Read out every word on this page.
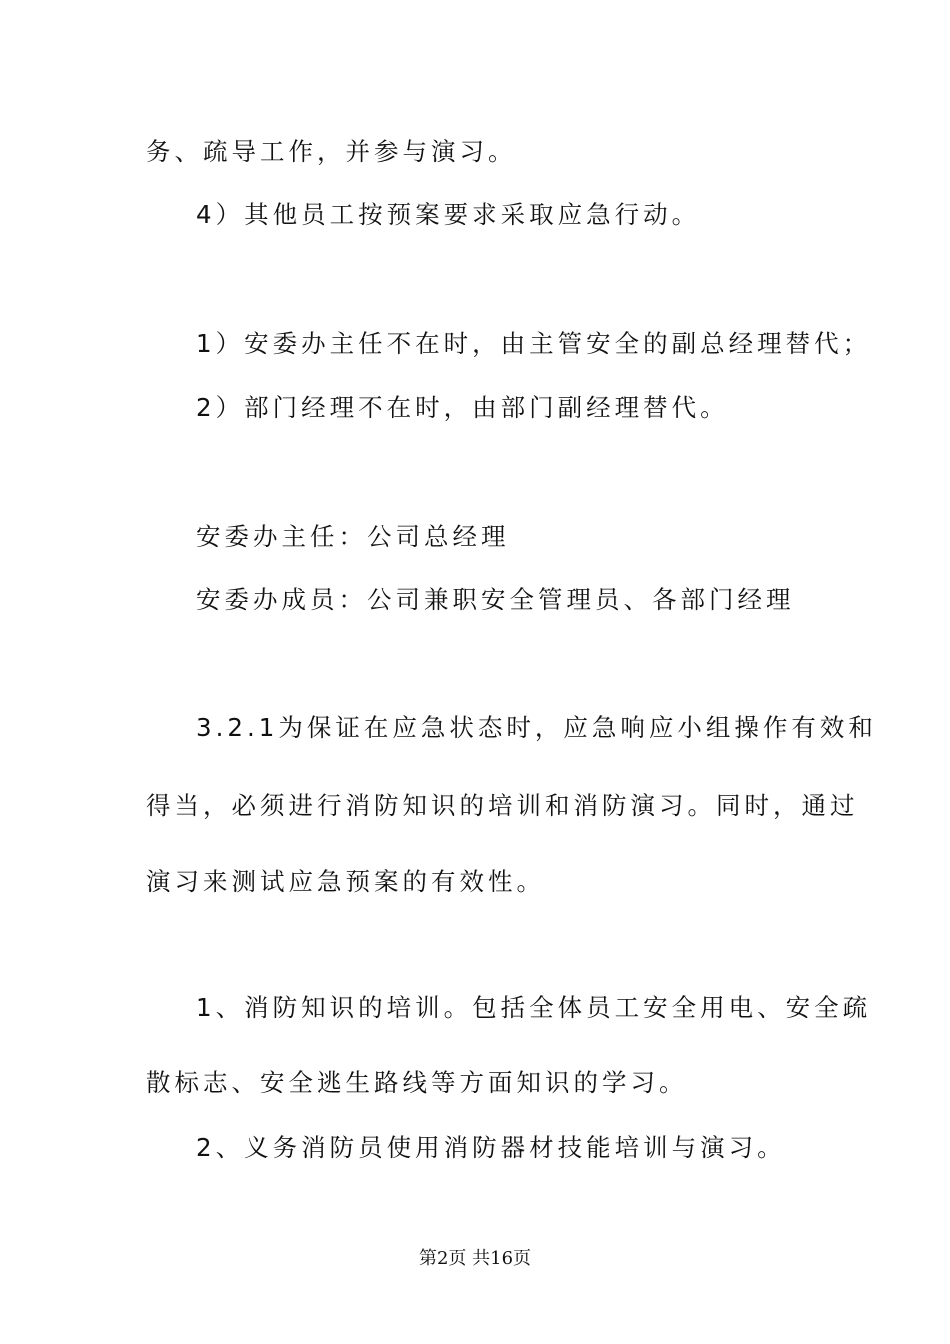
务、疏导工作，并参与演习。
4）其他员工按预案要求采取应急行动。
1）安委办主任不在时，由主管安全的副总经理替代；
2）部门经理不在时，由部门副经理替代。
安委办主任：公司总经理
安委办成员：公司兼职安全管理员、各部门经理
3.2.1为保证在应急状态时，应急响应小组操作有效和
得当，必须进行消防知识的培训和消防演习。同时，通过
演习来测试应急预案的有效性。
1、消防知识的培训。包括全体员工安全用电、安全疏
散标志、安全逃生路线等方面知识的学习。
2、义务消防员使用消防器材技能培训与演习。
第2页 共16页
